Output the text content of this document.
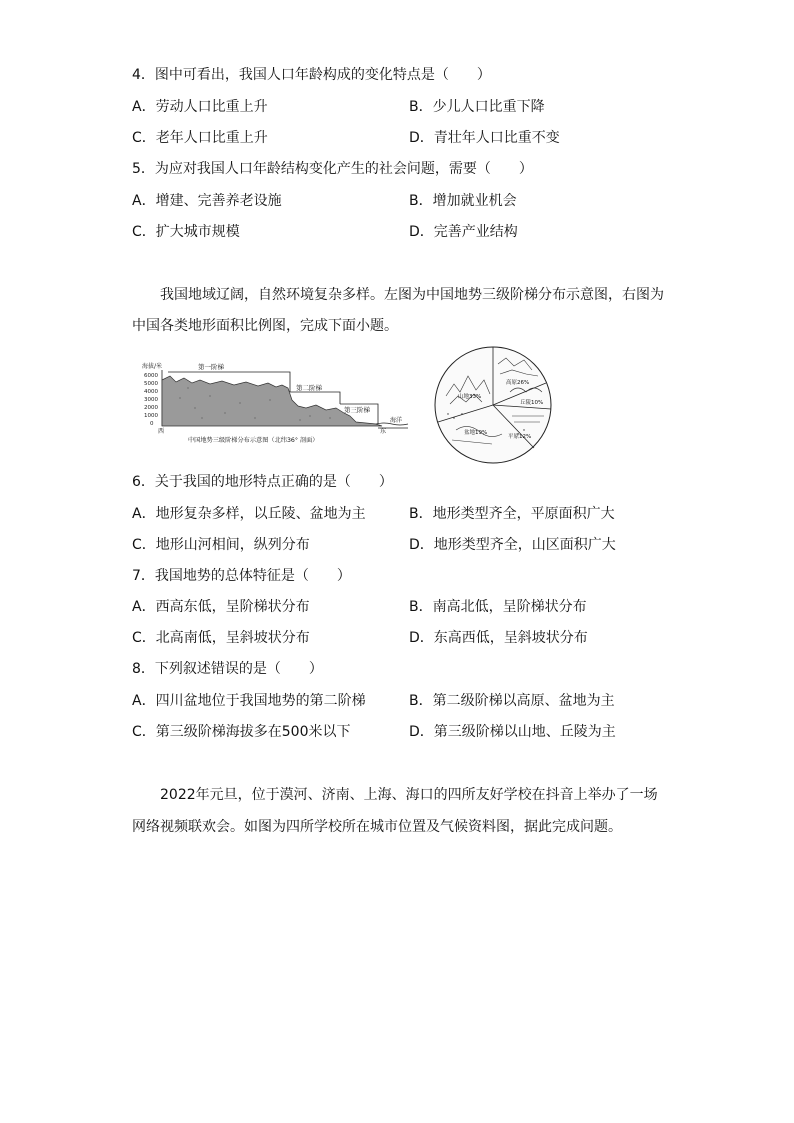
4．图中可看出，我国人口年龄构成的变化特点是（　　）
A．劳动人口比重上升	B．少儿人口比重下降
C．老年人口比重上升	D．青壮年人口比重不变
5．为应对我国人口年龄结构变化产生的社会问题，需要（　　）
A．增建、完善养老设施	B．增加就业机会
C．扩大城市规模	D．完善产业结构
我国地域辽阔，自然环境复杂多样。左图为中国地势三级阶梯分布示意图，右图为
中国各类地形面积比例图，完成下面小题。
海拔/米
6000
5000
4000
3000
2000
1000
0
第一阶梯
第二阶梯
第三阶梯
海洋
西	东
中国地势三级阶梯分布示意图（北纬36° 剖面）
山地33%
高原26%
丘陵10%
盆地19%
平原12%
6．关于我国的地形特点正确的是（　　）
A．地形复杂多样，以丘陵、盆地为主	B．地形类型齐全，平原面积广大
C．地形山河相间，纵列分布	D．地形类型齐全，山区面积广大
7．我国地势的总体特征是（　　）
A．西高东低，呈阶梯状分布	B．南高北低，呈阶梯状分布
C．北高南低，呈斜坡状分布	D．东高西低，呈斜坡状分布
8．下列叙述错误的是（　　）
A．四川盆地位于我国地势的第二阶梯	B．第二级阶梯以高原、盆地为主
C．第三级阶梯海拔多在500米以下	D．第三级阶梯以山地、丘陵为主
2022年元旦，位于漠河、济南、上海、海口的四所友好学校在抖音上举办了一场
网络视频联欢会。如图为四所学校所在城市位置及气候资料图，据此完成问题。
